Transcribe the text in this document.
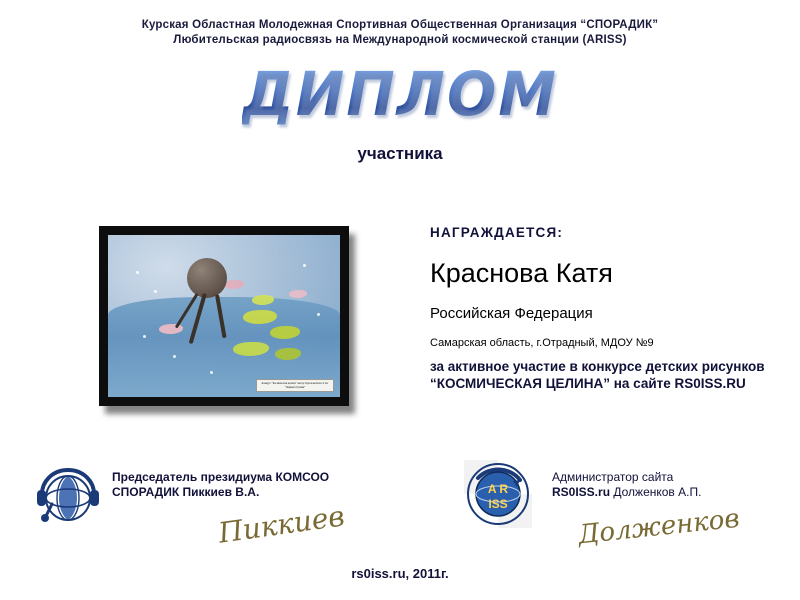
Курская Областная Молодежная Спортивная Общественная Организация “СПОРАДИК”
Любительская радиосвязь на Международной космической станции (ARISS)
ДИПЛОМ
участника
Конкурс “Космическая целина” Автор: Краснова Катя, 6 лет “Первый спутник”
НАГРАЖДАЕТСЯ:
Краснова Катя
Российская Федерация
Самарская область, г.Отрадный, МДОУ №9
за активное участие в конкурсе детских рисунков “КОСМИЧЕСКАЯ ЦЕЛИНА” на сайте RS0ISS.RU
Председатель президиума КОМСОО
СПОРАДИК Пиккиев В.А.
Пиккиев
A R
ISS
Администратор сайта
RS0ISS.ru Долженков А.П.
Долженков
rs0iss.ru, 2011г.
